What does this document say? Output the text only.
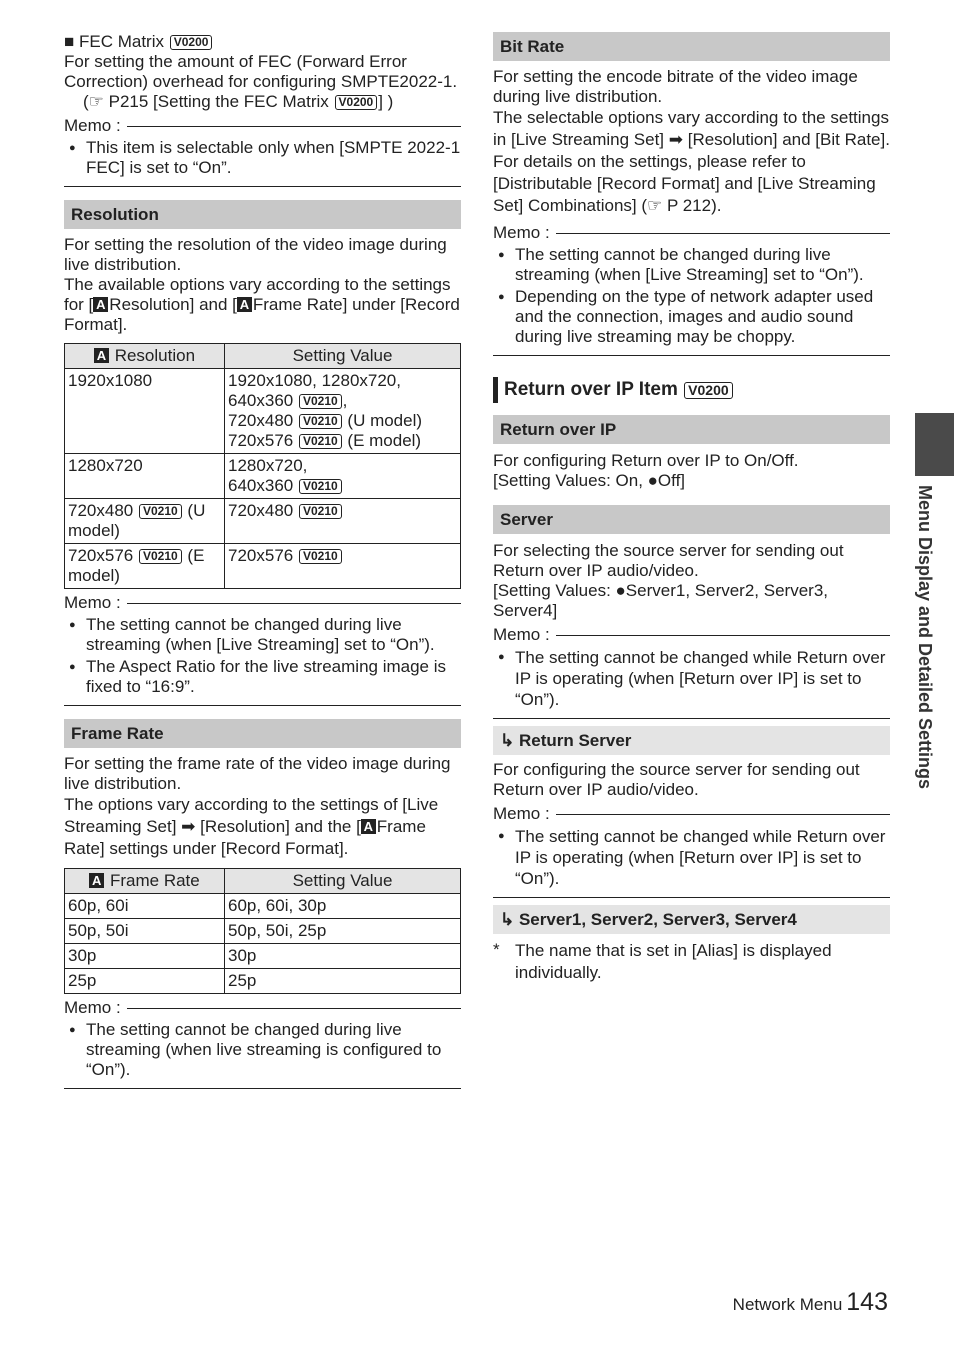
■ FEC Matrix V0200

For setting the amount of FEC (Forward Error Correction) overhead for configuring SMPTE2022-1.

(☞ P215 [Setting the FEC Matrix V0200 ] )

Memo :
● This item is selectable only when [SMPTE 2022-1 FEC] is set to “On”.
Resolution

For setting the resolution of the video image during live distribution.

The available options vary according to the settings for [ A Resolution] and [ A Frame Rate] under [Record Format].

A Resolution	Setting Value
1920x1080	1920x1080, 1280x720,
640x360 V0210 ,
720x480 V0210 (U model)
720x576 V0210 (E model)

1280x720	1280x720,
640x360 V0210

720x480 V0210 (U model)	720x480 V0210
720x576 V0210 (E model)	720x576 V0210
Memo :
● The setting cannot be changed during live streaming (when [Live Streaming] set to “On”).
● The Aspect Ratio for the live streaming image is fixed to “16:9”.
Frame Rate

For setting the frame rate of the video image during live distribution.

The options vary according to the settings of [Live Streaming Set] ➡ [Resolution] and the [ A Frame Rate] settings under [Record Format].

A Frame Rate	Setting Value
60p, 60i	60p, 60i, 30p
50p, 50i	50p, 50i, 25p
30p	30p
25p	25p
Memo :
● The setting cannot be changed during live streaming (when live streaming is configured to “On”).
Bit Rate

For setting the encode bitrate of the video image during live distribution.

The selectable options vary according to the settings in [Live Streaming Set] ➡ [Resolution] and [Bit Rate].

For details on the settings, please refer to [Distributable [Record Format] and [Live Streaming Set] Combinations] (☞ P 212).

Memo :
● The setting cannot be changed during live streaming (when [Live Streaming] set to “On”).
● Depending on the type of network adapter used and the connection, images and audio sound during live streaming may be choppy.
Return over IP Item
V0200
Return over IP

For configuring Return over IP to On/Off.

[Setting Values: On, ●Off]

Server

For selecting the source server for sending out Return over IP audio/video.

[Setting Values: ●Server1, Server2, Server3, Server4]

Memo :
● The setting cannot be changed while Return over IP is operating (when [Return over IP] is set to “On”).
↳ Return Server

For configuring the source server for sending out Return over IP audio/video.

Memo :
● The setting cannot be changed while Return over IP is operating (when [Return over IP] is set to “On”).
↳ Server1, Server2, Server3, Server4
* The name that is set in [Alias] is displayed individually.
Menu Display and Detailed Settings
Network Menu 143
